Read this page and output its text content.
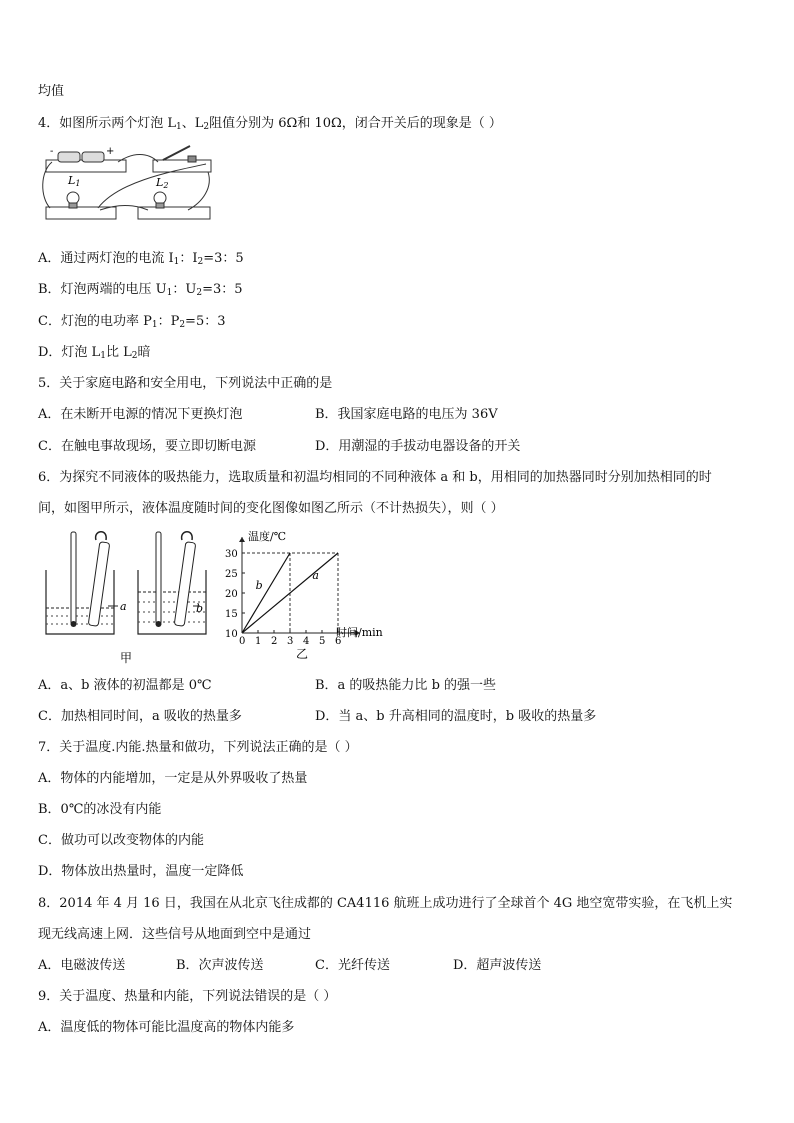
均值
4．如图所示两个灯泡 $L_1$、$L_2$阻值分别为 6Ω和 10Ω，闭合开关后的现象是（ ）
-	+
L1	L2
A．通过两灯泡的电流 $I_1$：$I_2=3$：5
B．灯泡两端的电压 $U_1$：$U_2=3$：5
C．灯泡的电功率 $P_1$：$P_2=5$：3
D．灯泡 $L_1$比 $L_2$暗
5．关于家庭电路和安全用电，下列说法中正确的是
A．在未断开电源的情况下更换灯泡	B．我国家庭电路的电压为 36V
C．在触电事故现场，要立即切断电源	D．用潮湿的手拔动电器设备的开关
6．为探究不同液体的吸热能力，选取质量和初温均相同的不同种液体 a 和 b，用相同的加热器同时分别加热相同的时
间，如图甲所示，液体温度随时间的变化图像如图乙所示（不计热损失），则（ ）
a	b
甲
0 1 2 3 4 5 6
10
15
20
25
30
温度/℃
时间/min
b
a
乙
A．a、b 液体的初温都是 0℃	B．a 的吸热能力比 b 的强一些
C．加热相同时间，a 吸收的热量多	D．当 a、b 升高相同的温度时，b 吸收的热量多
7．关于温度.内能.热量和做功，下列说法正确的是（ ）
A．物体的内能增加，一定是从外界吸收了热量
B．0℃的冰没有内能
C．做功可以改变物体的内能
D．物体放出热量时，温度一定降低
8．2014 年 4 月 16 日，我国在从北京飞往成都的 CA4116 航班上成功进行了全球首个 4G 地空宽带实验，在飞机上实
现无线高速上网．这些信号从地面到空中是通过
A．电磁波传送	B．次声波传送	C．光纤传送	D．超声波传送
9．关于温度、热量和内能，下列说法错误的是（ ）
A．温度低的物体可能比温度高的物体内能多
